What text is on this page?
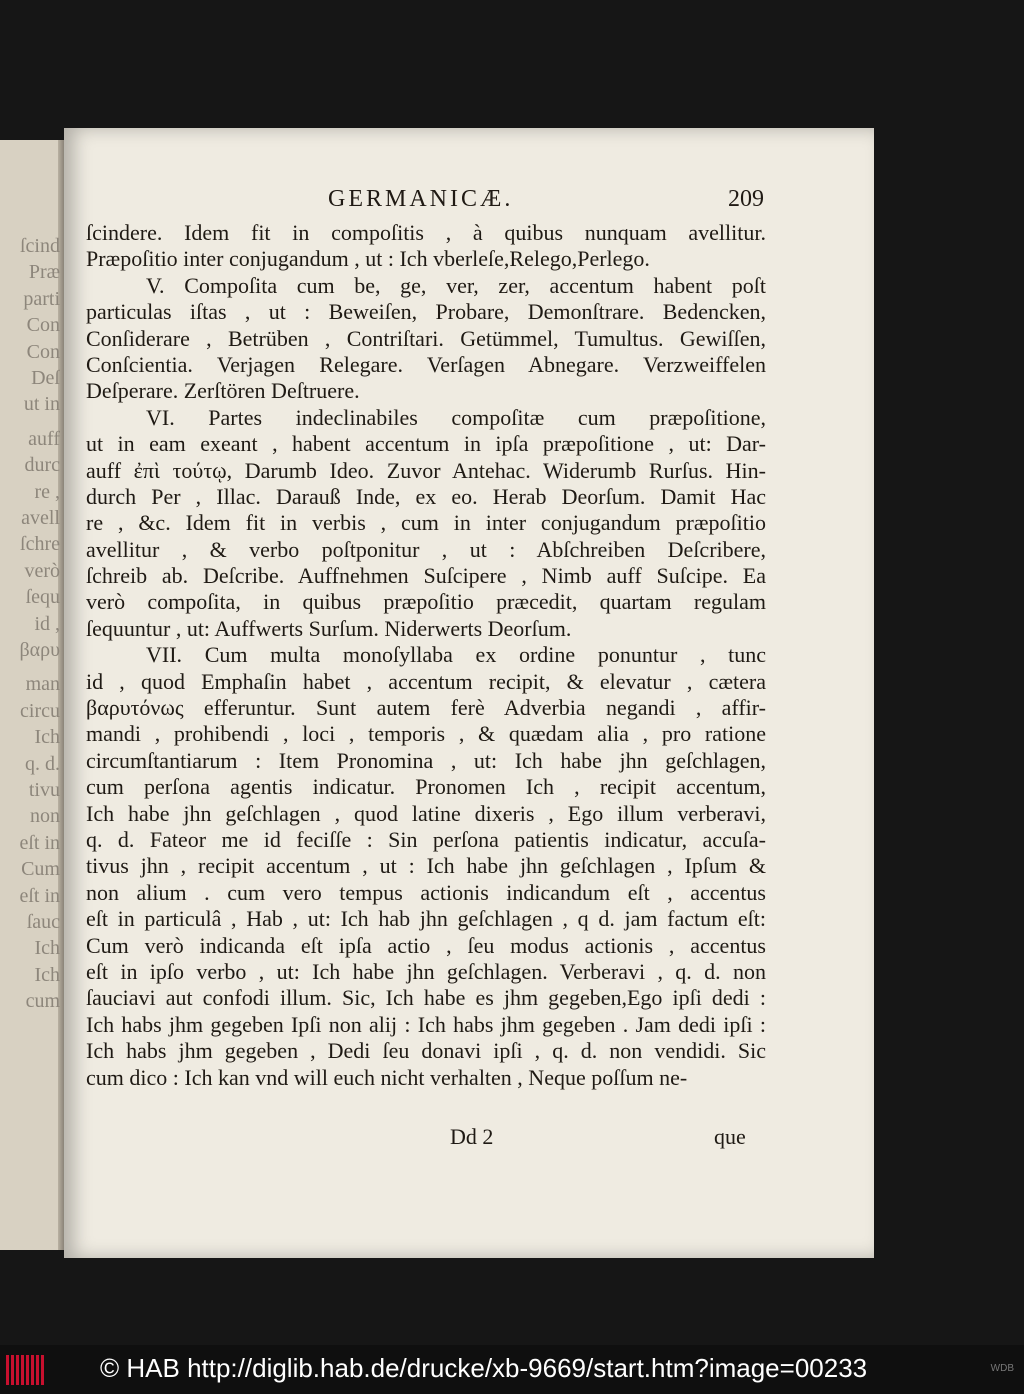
ſcind
Præ
parti
Con
Con
Deſ
ut in
auff
durc
re ,
avell
ſchre
verò
ſequ
id ,
βαρυ
man
circu
Ich
q. d.
tivu
non
eſt in
Cum
eſt in
ſauc
Ich
Ich
cum
GERMANICÆ.	209
ſcindere. Idem fit in compoſitis , à quibus nunquam avellitur.
Præpoſitio inter conjugandum , ut : Ich vberleſe,Relego,Perlego.
V. Compoſita cum be, ge, ver, zer, accentum habent poſt
particulas iſtas , ut : Beweiſen, Probare, Demonſtrare. Bedencken,
Conſiderare , Betrüben , Contriſtari. Getümmel, Tumultus. Gewiſſen,
Conſcientia. Verjagen Relegare. Verſagen Abnegare. Verzweiffelen
Deſperare. Zerſtören Deſtruere.
VI. Partes indeclinabiles compoſitæ cum præpoſitione,
ut in eam exeant , habent accentum in ipſa præpoſitione , ut: Dar-
auff ἐπὶ τούτῳ, Darumb Ideo. Zuvor Antehac. Widerumb Rurſus. Hin-
durch Per , Illac. Darauß Inde, ex eo. Herab Deorſum. Damit Hac
re , &c. Idem fit in verbis , cum in inter conjugandum præpoſitio
avellitur , & verbo poſtponitur , ut : Abſchreiben Deſcribere,
ſchreib ab. Deſcribe. Auffnehmen Suſcipere , Nimb auff Suſcipe. Ea
verò compoſita, in quibus præpoſitio præcedit, quartam regulam
ſequuntur , ut: Auffwerts Surſum. Niderwerts Deorſum.
VII. Cum multa monoſyllaba ex ordine ponuntur , tunc
id , quod Emphaſin habet , accentum recipit, & elevatur , cætera
βαρυτόνως efferuntur. Sunt autem ferè Adverbia negandi , affir-
mandi , prohibendi , loci , temporis , & quædam alia , pro ratione
circumſtantiarum : Item Pronomina , ut: Ich habe jhn geſchlagen,
cum perſona agentis indicatur. Pronomen Ich , recipit accentum,
Ich habe jhn geſchlagen , quod latine dixeris , Ego illum verberavi,
q. d. Fateor me id feciſſe : Sin perſona patientis indicatur, accuſa-
tivus jhn , recipit accentum , ut : Ich habe jhn geſchlagen , Ipſum &
non alium . cum vero tempus actionis indicandum eſt , accentus
eſt in particulâ , Hab , ut: Ich hab jhn geſchlagen , q d. jam factum eſt:
Cum verò indicanda eſt ipſa actio , ſeu modus actionis , accentus
eſt in ipſo verbo , ut: Ich habe jhn geſchlagen. Verberavi , q. d. non
ſauciavi aut confodi illum. Sic, Ich habe es jhm gegeben,Ego ipſi dedi :
Ich habs jhm gegeben Ipſi non alij : Ich habs jhm gegeben . Jam dedi ipſi :
Ich habs jhm gegeben , Dedi ſeu donavi ipſi , q. d. non vendidi. Sic
cum dico : Ich kan vnd will euch nicht verhalten , Neque poſſum ne-
Dd 2	que
© HAB http://diglib.hab.de/drucke/xb-9669/start.htm?image=00233	WDB
